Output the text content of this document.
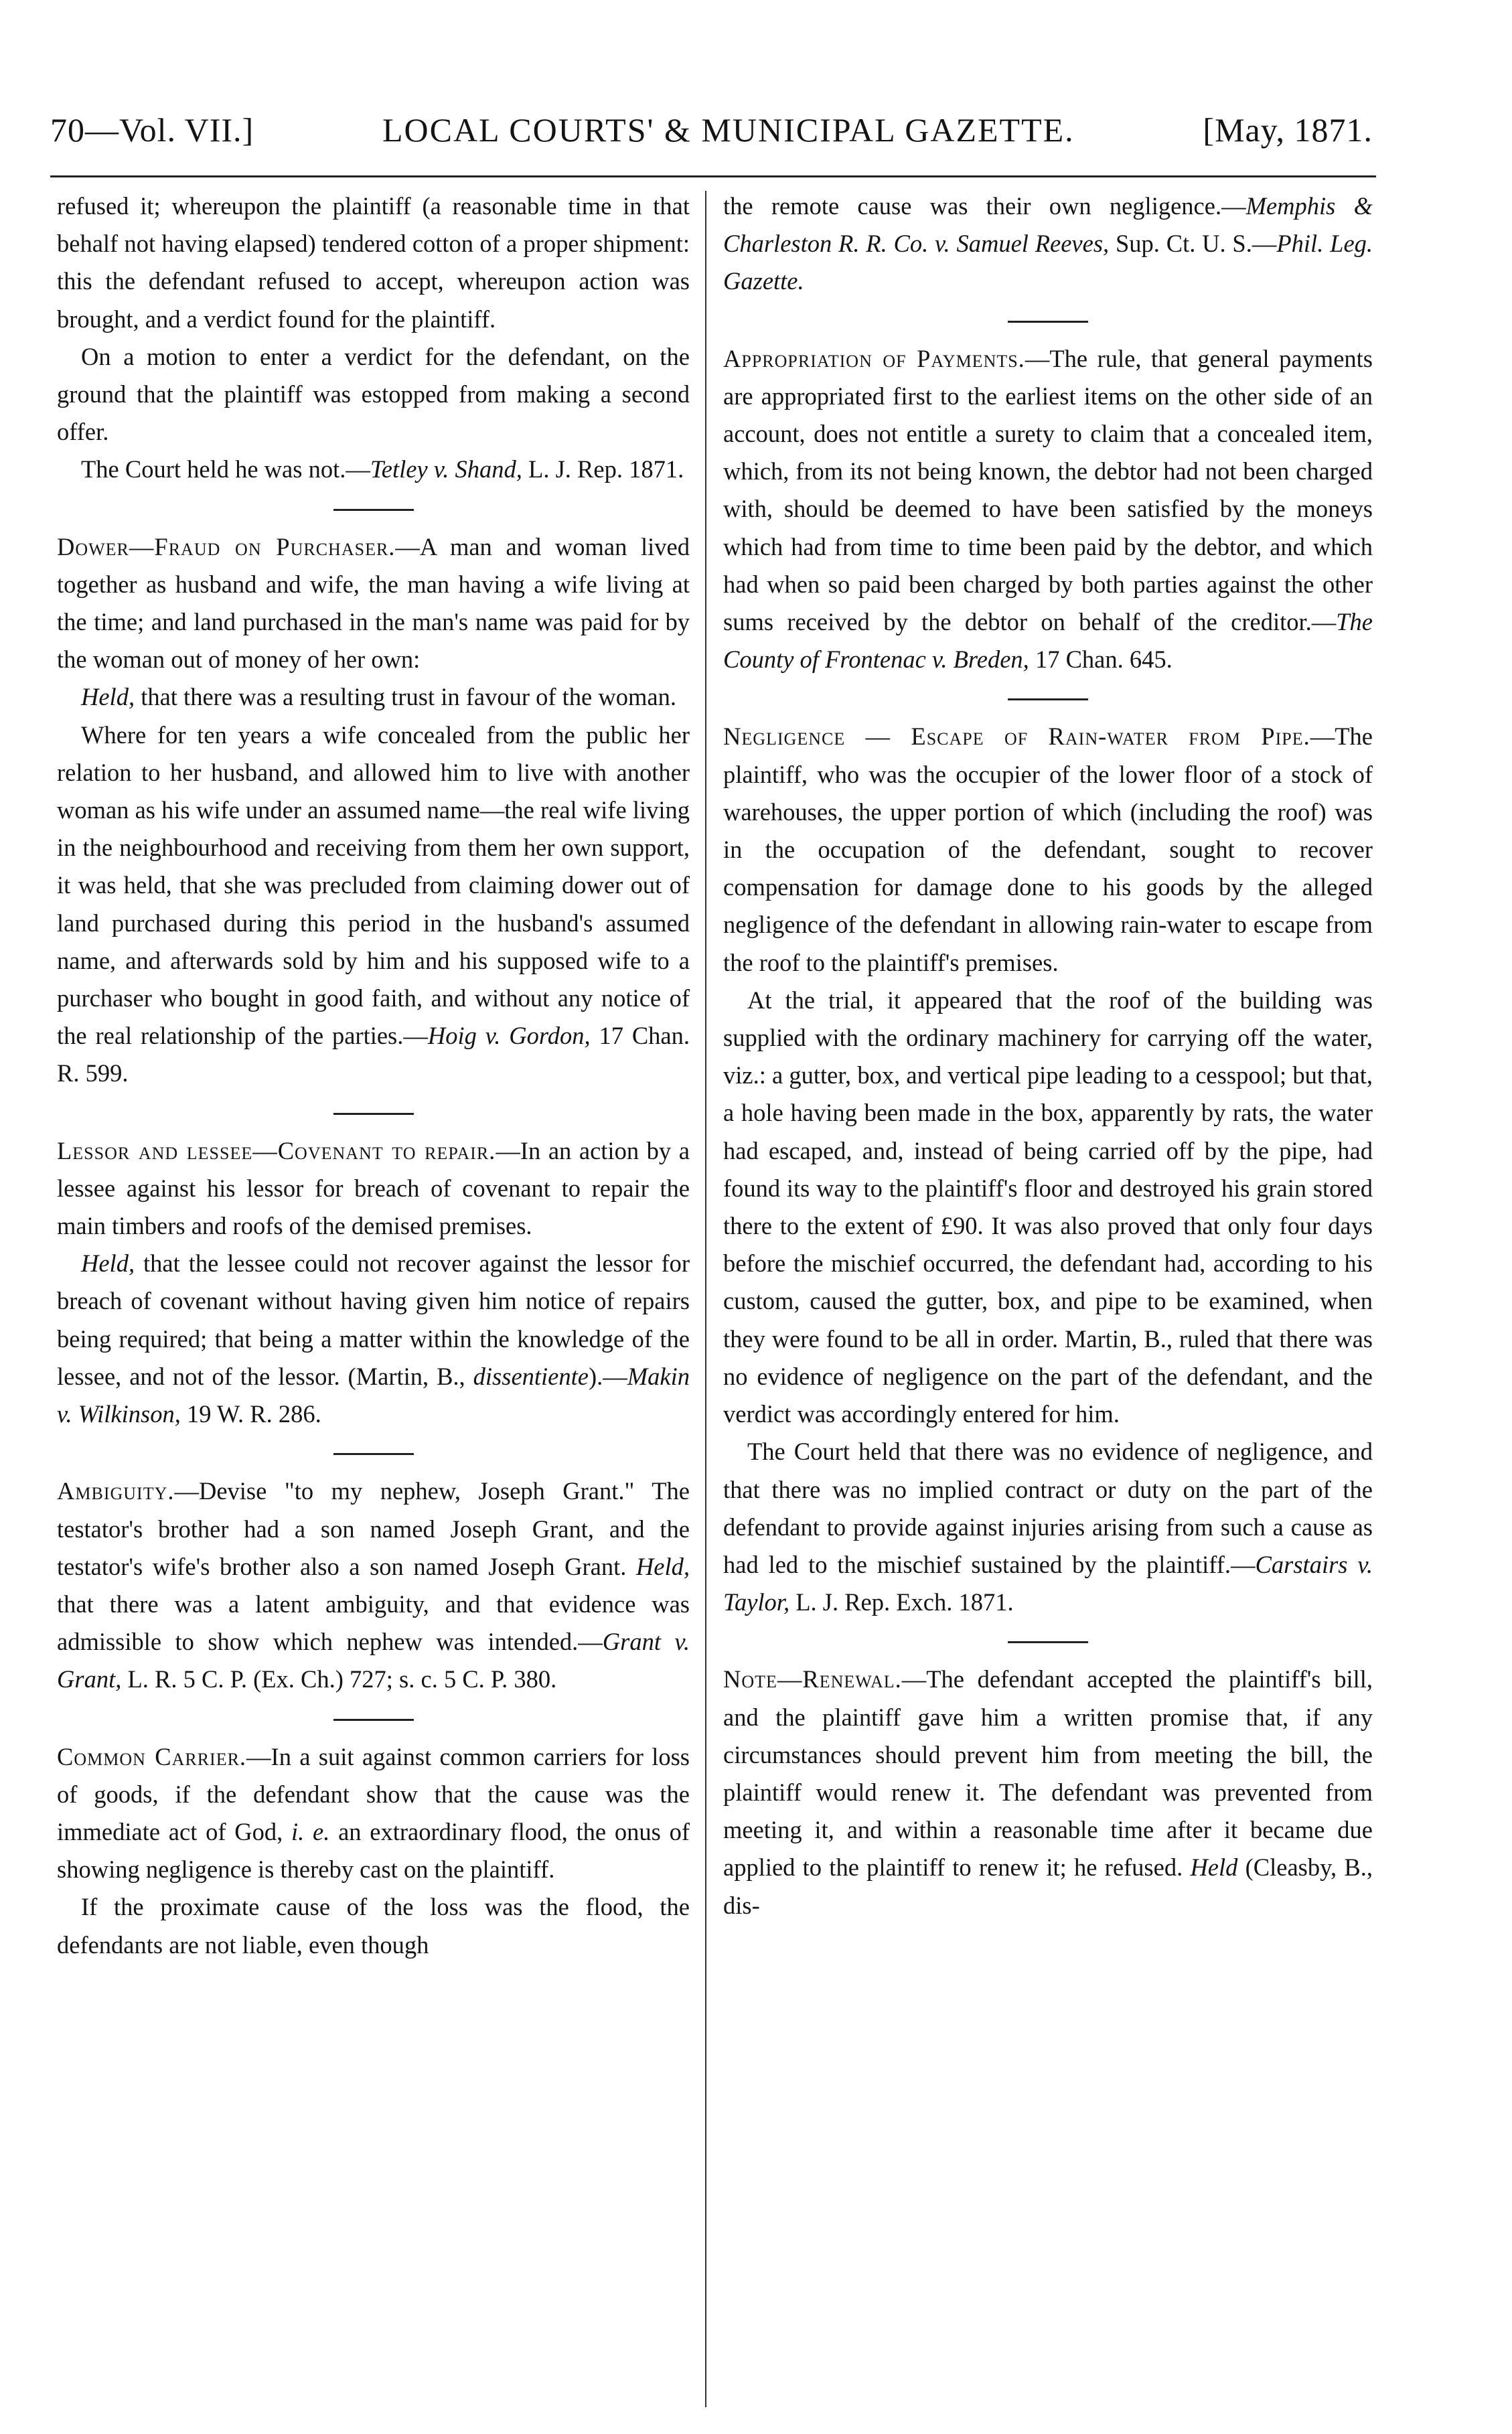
70—Vol. VII.]	LOCAL COURTS' & MUNICIPAL GAZETTE.	[May, 1871.

refused it; whereupon the plaintiff (a reasonable time in that behalf not having elapsed) tendered cotton of a proper shipment: this the defendant refused to accept, whereupon action was brought, and a verdict found for the plaintiff.

On a motion to enter a verdict for the defendant, on the ground that the plaintiff was estopped from making a second offer.

The Court held he was not.—Tetley v. Shand, L. J. Rep. 1871.

Dower—Fraud on Purchaser.—A man and woman lived together as husband and wife, the man having a wife living at the time; and land purchased in the man's name was paid for by the woman out of money of her own:

Held, that there was a resulting trust in favour of the woman.

Where for ten years a wife concealed from the public her relation to her husband, and allowed him to live with another woman as his wife under an assumed name—the real wife living in the neighbourhood and receiving from them her own support, it was held, that she was precluded from claiming dower out of land purchased during this period in the husband's assumed name, and afterwards sold by him and his supposed wife to a purchaser who bought in good faith, and without any notice of the real relationship of the parties.—Hoig v. Gordon, 17 Chan. R. 599.

Lessor and lessee—Covenant to repair.—In an action by a lessee against his lessor for breach of covenant to repair the main timbers and roofs of the demised premises.

Held, that the lessee could not recover against the lessor for breach of covenant without having given him notice of repairs being required; that being a matter within the knowledge of the lessee, and not of the lessor. (Martin, B., dissentiente).—Makin v. Wilkinson, 19 W. R. 286.

Ambiguity.—Devise "to my nephew, Joseph Grant." The testator's brother had a son named Joseph Grant, and the testator's wife's brother also a son named Joseph Grant. Held, that there was a latent ambiguity, and that evidence was admissible to show which nephew was intended.—Grant v. Grant, L. R. 5 C. P. (Ex. Ch.) 727; s. c. 5 C. P. 380.

Common Carrier.—In a suit against common carriers for loss of goods, if the defendant show that the cause was the immediate act of God, i. e. an extraordinary flood, the onus of showing negligence is thereby cast on the plaintiff.

If the proximate cause of the loss was the flood, the defendants are not liable, even though

the remote cause was their own negligence.—Memphis & Charleston R. R. Co. v. Samuel Reeves, Sup. Ct. U. S.—Phil. Leg. Gazette.

Appropriation of Payments.—The rule, that general payments are appropriated first to the earliest items on the other side of an account, does not entitle a surety to claim that a concealed item, which, from its not being known, the debtor had not been charged with, should be deemed to have been satisfied by the moneys which had from time to time been paid by the debtor, and which had when so paid been charged by both parties against the other sums received by the debtor on behalf of the creditor.—The County of Frontenac v. Breden, 17 Chan. 645.

Negligence — Escape of Rain-water from Pipe.—The plaintiff, who was the occupier of the lower floor of a stock of warehouses, the upper portion of which (including the roof) was in the occupation of the defendant, sought to recover compensation for damage done to his goods by the alleged negligence of the defendant in allowing rain-water to escape from the roof to the plaintiff's premises.

At the trial, it appeared that the roof of the building was supplied with the ordinary machinery for carrying off the water, viz.: a gutter, box, and vertical pipe leading to a cesspool; but that, a hole having been made in the box, apparently by rats, the water had escaped, and, instead of being carried off by the pipe, had found its way to the plaintiff's floor and destroyed his grain stored there to the extent of £90. It was also proved that only four days before the mischief occurred, the defendant had, according to his custom, caused the gutter, box, and pipe to be examined, when they were found to be all in order. Martin, B., ruled that there was no evidence of negligence on the part of the defendant, and the verdict was accordingly entered for him.

The Court held that there was no evidence of negligence, and that there was no implied contract or duty on the part of the defendant to provide against injuries arising from such a cause as had led to the mischief sustained by the plaintiff.—Carstairs v. Taylor, L. J. Rep. Exch. 1871.

Note—Renewal.—The defendant accepted the plaintiff's bill, and the plaintiff gave him a written promise that, if any circumstances should prevent him from meeting the bill, the plaintiff would renew it. The defendant was prevented from meeting it, and within a reasonable time after it became due applied to the plaintiff to renew it; he refused. Held (Cleasby, B., dis-
